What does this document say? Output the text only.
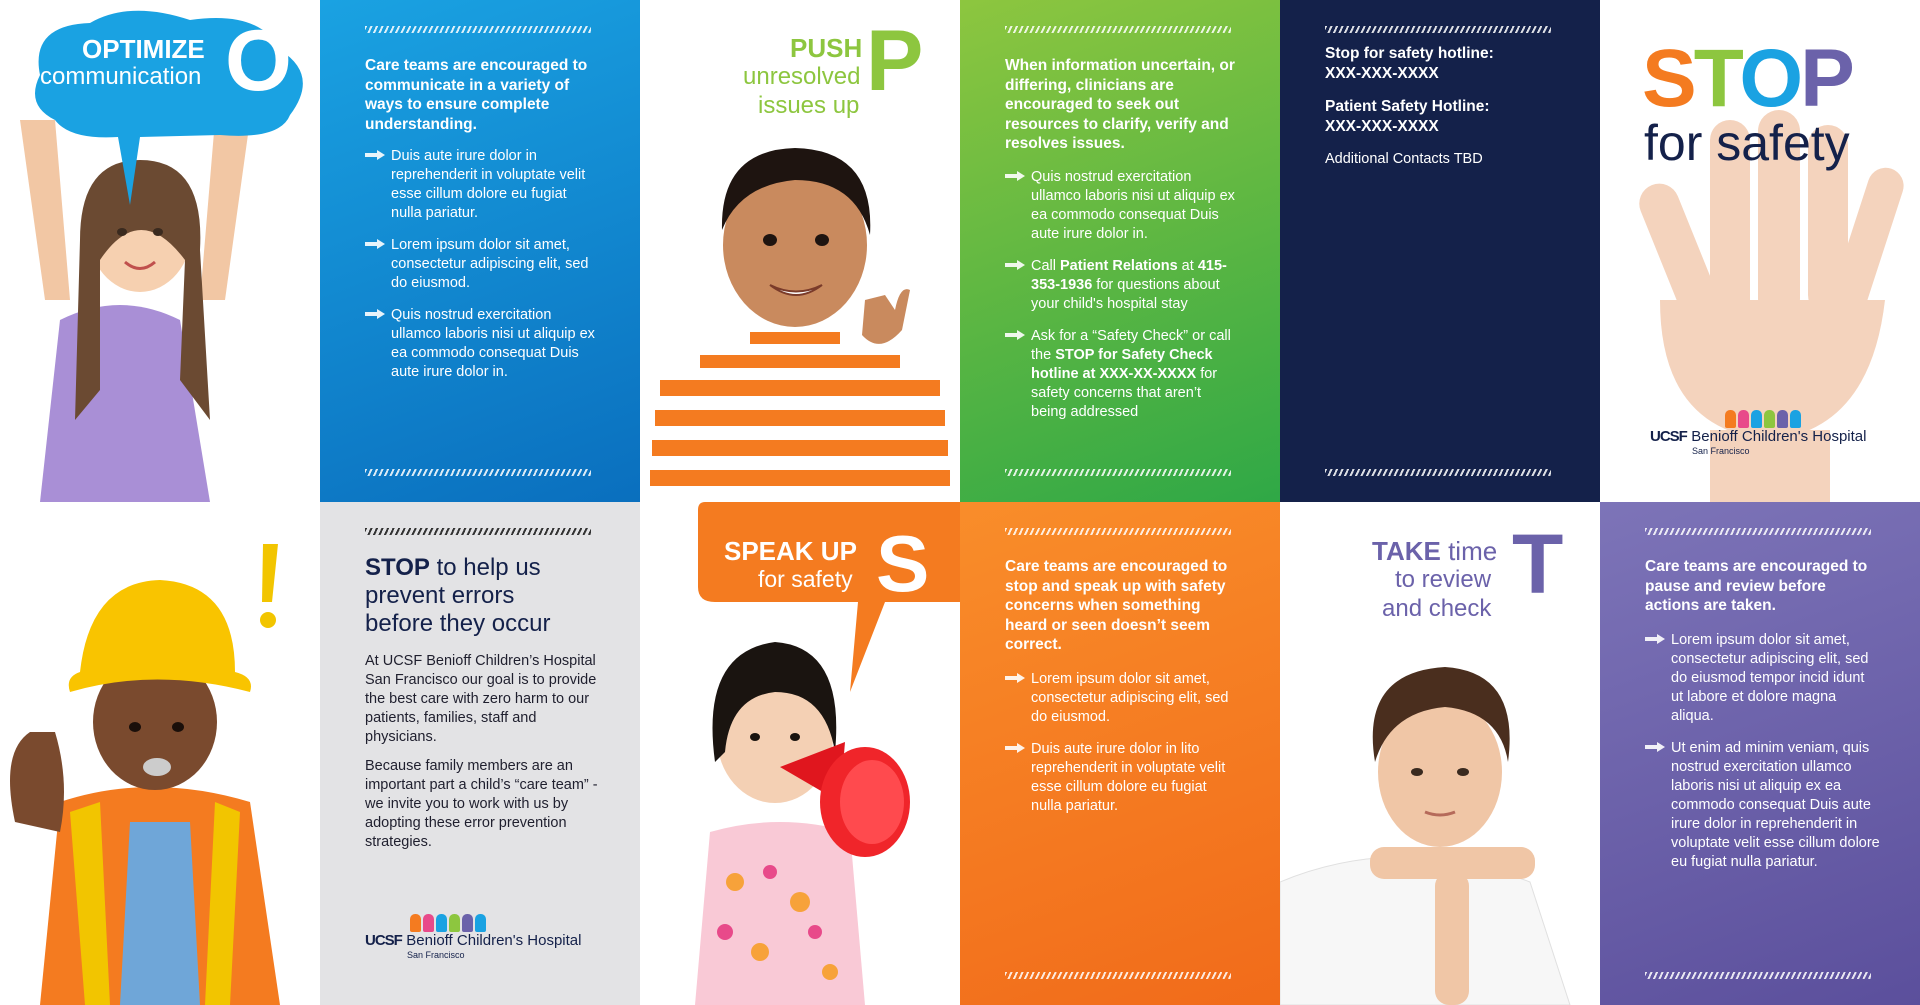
OPTIMIZE
communication O	Care teams are encouraged to communicate in a variety of ways to ensure complete understanding.
Duis aute irure dolor in reprehenderit in voluptate velit esse cillum dolore eu fugiat nulla pariatur.
Lorem ipsum dolor sit amet, consectetur adipiscing elit, sed do eiusmod.
Quis nostrud exercitation ullamco laboris nisi ut aliquip ex ea commodo consequat Duis aute irure dolor in.
PUSH
unresolved
issues up P	When information uncertain, or differing, clinicians are encouraged to seek out resources to clarify, verify and resolves issues.
Quis nostrud exercitation ullamco laboris nisi ut aliquip ex ea commodo consequat Duis aute irure dolor in.
Call Patient Relations at 415-353-1936 for questions about your child's hospital stay
Ask for a “Safety Check” or call the STOP for Safety Check hotline at XXX-XX-XXXX for safety concerns that aren’t being addressed
Stop for safety hotline:
XXX-XXX-XXXX
Patient Safety Hotline:
XXX-XXX-XXXX
Additional Contacts TBD
STOP
for safety
UCSF Benioff Children's Hospital
San Francisco
STOP to help us
prevent errors
before they occur
At UCSF Benioff Children’s Hospital San Francisco our goal is to provide the best care with zero harm to our patients, families, staff and physicians.
Because family members are an important part a child’s “care team” - we invite you to work with us by adopting these error prevention strategies.
UCSF Benioff Children's Hospital
San Francisco
SPEAK UP
for safety S	Care teams are encouraged to stop and speak up with safety concerns when something heard or seen doesn’t seem correct.
Lorem ipsum dolor sit amet, consectetur adipiscing elit, sed do eiusmod.
Duis aute irure dolor in lito reprehenderit in voluptate velit esse cillum dolore eu fugiat nulla pariatur.
TAKE time
to review
and check T	Care teams are encouraged to pause and review before actions are taken.
Lorem ipsum dolor sit amet, consectetur adipiscing elit, sed do eiusmod tempor incid idunt ut labore et dolore magna aliqua.
Ut enim ad minim veniam, quis nostrud exercitation ullamco laboris nisi ut aliquip ex ea commodo consequat Duis aute irure dolor in reprehenderit in voluptate velit esse cillum dolore eu fugiat nulla pariatur.
